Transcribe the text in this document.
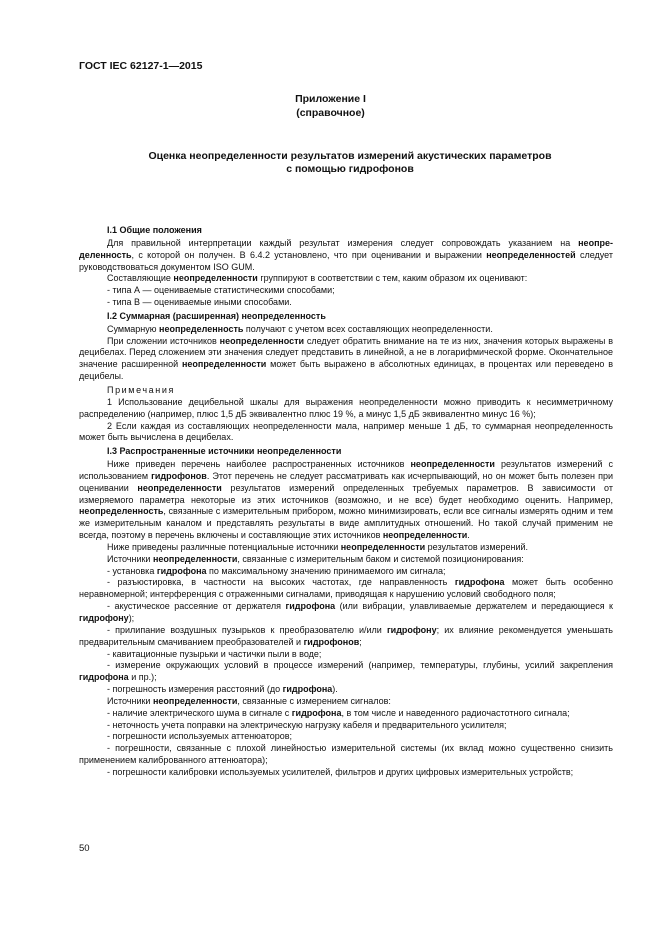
ГОСТ IEC 62127-1—2015
Приложение I
(справочное)
Оценка неопределенности результатов измерений акустических параметров
с помощью гидрофонов

I.1 Общие положения

Для правильной интерпретации каждый результат измерения следует сопровождать указанием на неопре-деленность, с которой он получен. В 6.4.2 установлено, что при оценивании и выражении неопределенностей следует руководствоваться документом ISO GUM.

Составляющие неопределенности группируют в соответствии с тем, каким образом их оценивают:

- типа А — оцениваемые статистическими способами;

- типа В — оцениваемые иными способами.

I.2 Суммарная (расширенная) неопределенность

Суммарную неопределенность получают с учетом всех составляющих неопределенности.

При сложении источников неопределенности следует обратить внимание на те из них, значения которых выражены в децибелах. Перед сложением эти значения следует представить в линейной, а не в логарифмической форме. Окончательное значение расширенной неопределенности может быть выражено в абсолютных единицах, в процентах или переведено в децибелы.

Примечания

1 Использование децибельной шкалы для выражения неопределенности можно приводить к несимметричному распределению (например, плюс 1,5 дБ эквивалентно плюс 19 %, а минус 1,5 дБ эквивалентно минус 16 %);

2 Если каждая из составляющих неопределенности мала, например меньше 1 дБ, то суммарная неопределенность может быть вычислена в децибелах.

I.3 Распространенные источники неопределенности

Ниже приведен перечень наиболее распространенных источников неопределенности результатов измерений с использованием гидрофонов. Этот перечень не следует рассматривать как исчерпывающий, но он может быть полезен при оценивании неопределенности результатов измерений определенных требуемых параметров. В зависимости от измеряемого параметра некоторые из этих источников (возможно, и не все) будет необходимо оценить. Например, неопределенность, связанные с измерительным прибором, можно минимизировать, если все сигналы измерять одним и тем же измерительным каналом и представлять результаты в виде амплитудных отношений. Но такой случай применим не всегда, поэтому в перечень включены и составляющие этих источников неопределенности.

Ниже приведены различные потенциальные источники неопределенности результатов измерений.

Источники неопределенности, связанные с измерительным баком и системой позиционирования:

- установка гидрофона по максимальному значению принимаемого им сигнала;

- разъюстировка, в частности на высоких частотах, где направленность гидрофона может быть особенно неравномерной; интерференция с отраженными сигналами, приводящая к нарушению условий свободного поля;

- акустическое рассеяние от держателя гидрофона (или вибрации, улавливаемые держателем и передающиеся к гидрофону);

- прилипание воздушных пузырьков к преобразователю и/или гидрофону; их влияние рекомендуется уменьшать предварительным смачиванием преобразователей и гидрофонов;

- кавитационные пузырьки и частички пыли в воде;

- измерение окружающих условий в процессе измерений (например, температуры, глубины, усилий закрепления гидрофона и пр.);

- погрешность измерения расстояний (до гидрофона).

Источники неопределенности, связанные с измерением сигналов:

- наличие электрического шума в сигнале с гидрофона, в том числе и наведенного радиочастотного сигнала;

- неточность учета поправки на электрическую нагрузку кабеля и предварительного усилителя;

- погрешности используемых аттенюаторов;

- погрешности, связанные с плохой линейностью измерительной системы (их вклад можно существенно снизить применением калиброванного аттенюатора);

- погрешности калибровки используемых усилителей, фильтров и других цифровых измерительных устройств;

50
